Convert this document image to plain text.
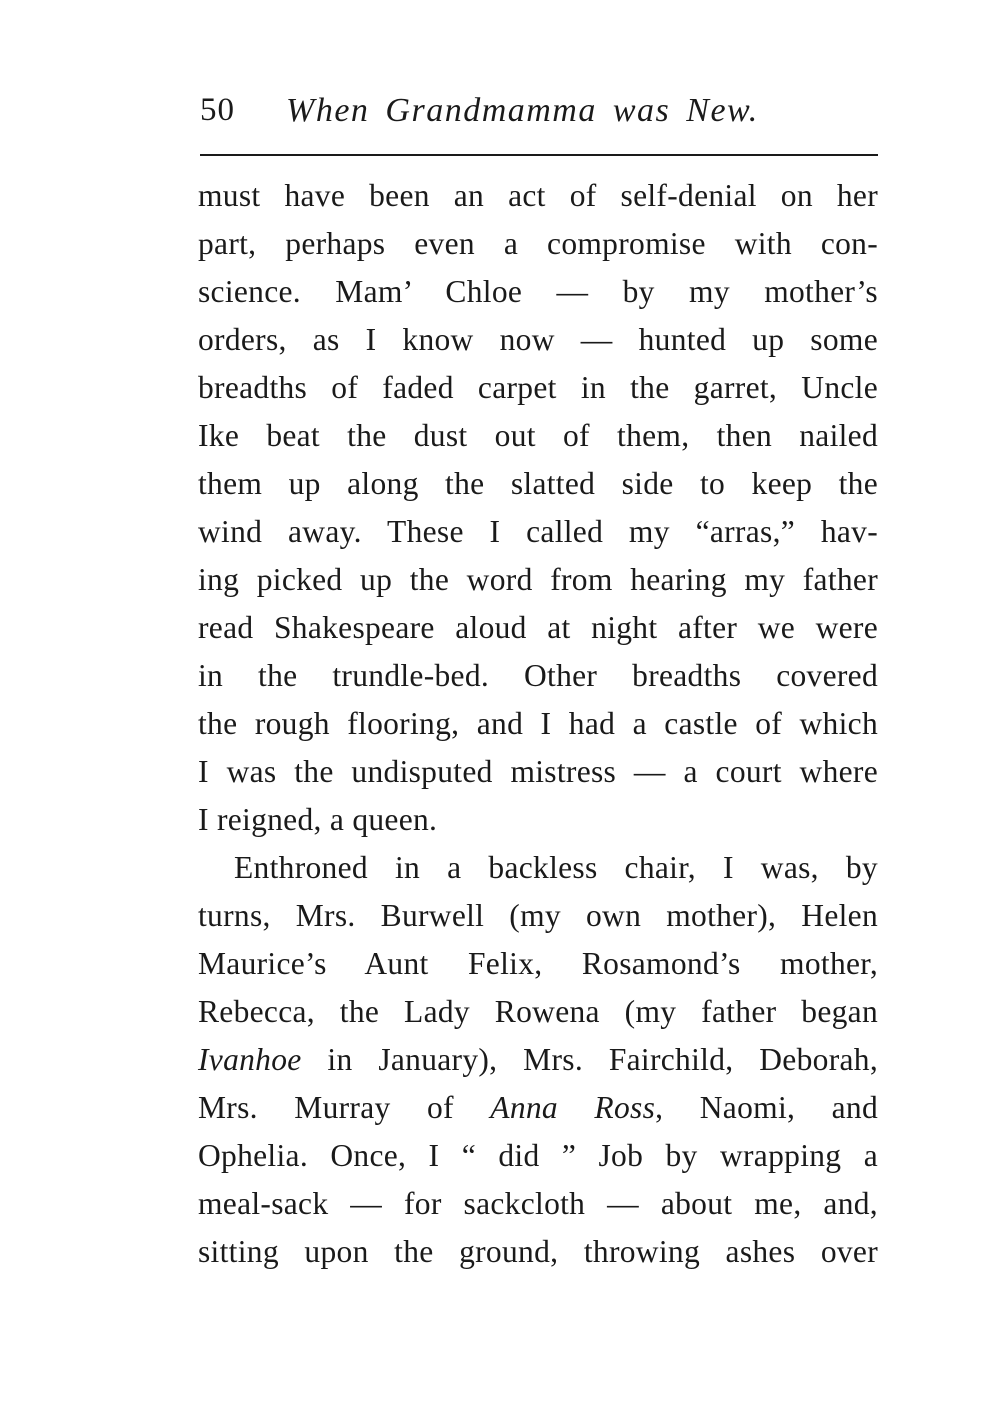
50 When Grandmamma was New.
must have been an act of self-denial on her
part, perhaps even a compromise with con-
science. Mam’ Chloe — by my mother’s
orders, as I know now — hunted up some
breadths of faded carpet in the garret, Uncle
Ike beat the dust out of them, then nailed
them up along the slatted side to keep the
wind away. These I called my “arras,” hav-
ing picked up the word from hearing my father
read Shakespeare aloud at night after we were
in the trundle-bed. Other breadths covered
the rough flooring, and I had a castle of which
I was the undisputed mistress — a court where
I reigned, a queen.
Enthroned in a backless chair, I was, by
turns, Mrs. Burwell (my own mother), Helen
Maurice’s Aunt Felix, Rosamond’s mother,
Rebecca, the Lady Rowena (my father began
Ivanhoe in January), Mrs. Fairchild, Deborah,
Mrs. Murray of Anna Ross, Naomi, and
Ophelia. Once, I “ did ” Job by wrapping a
meal-sack — for sackcloth — about me, and,
sitting upon the ground, throwing ashes over
